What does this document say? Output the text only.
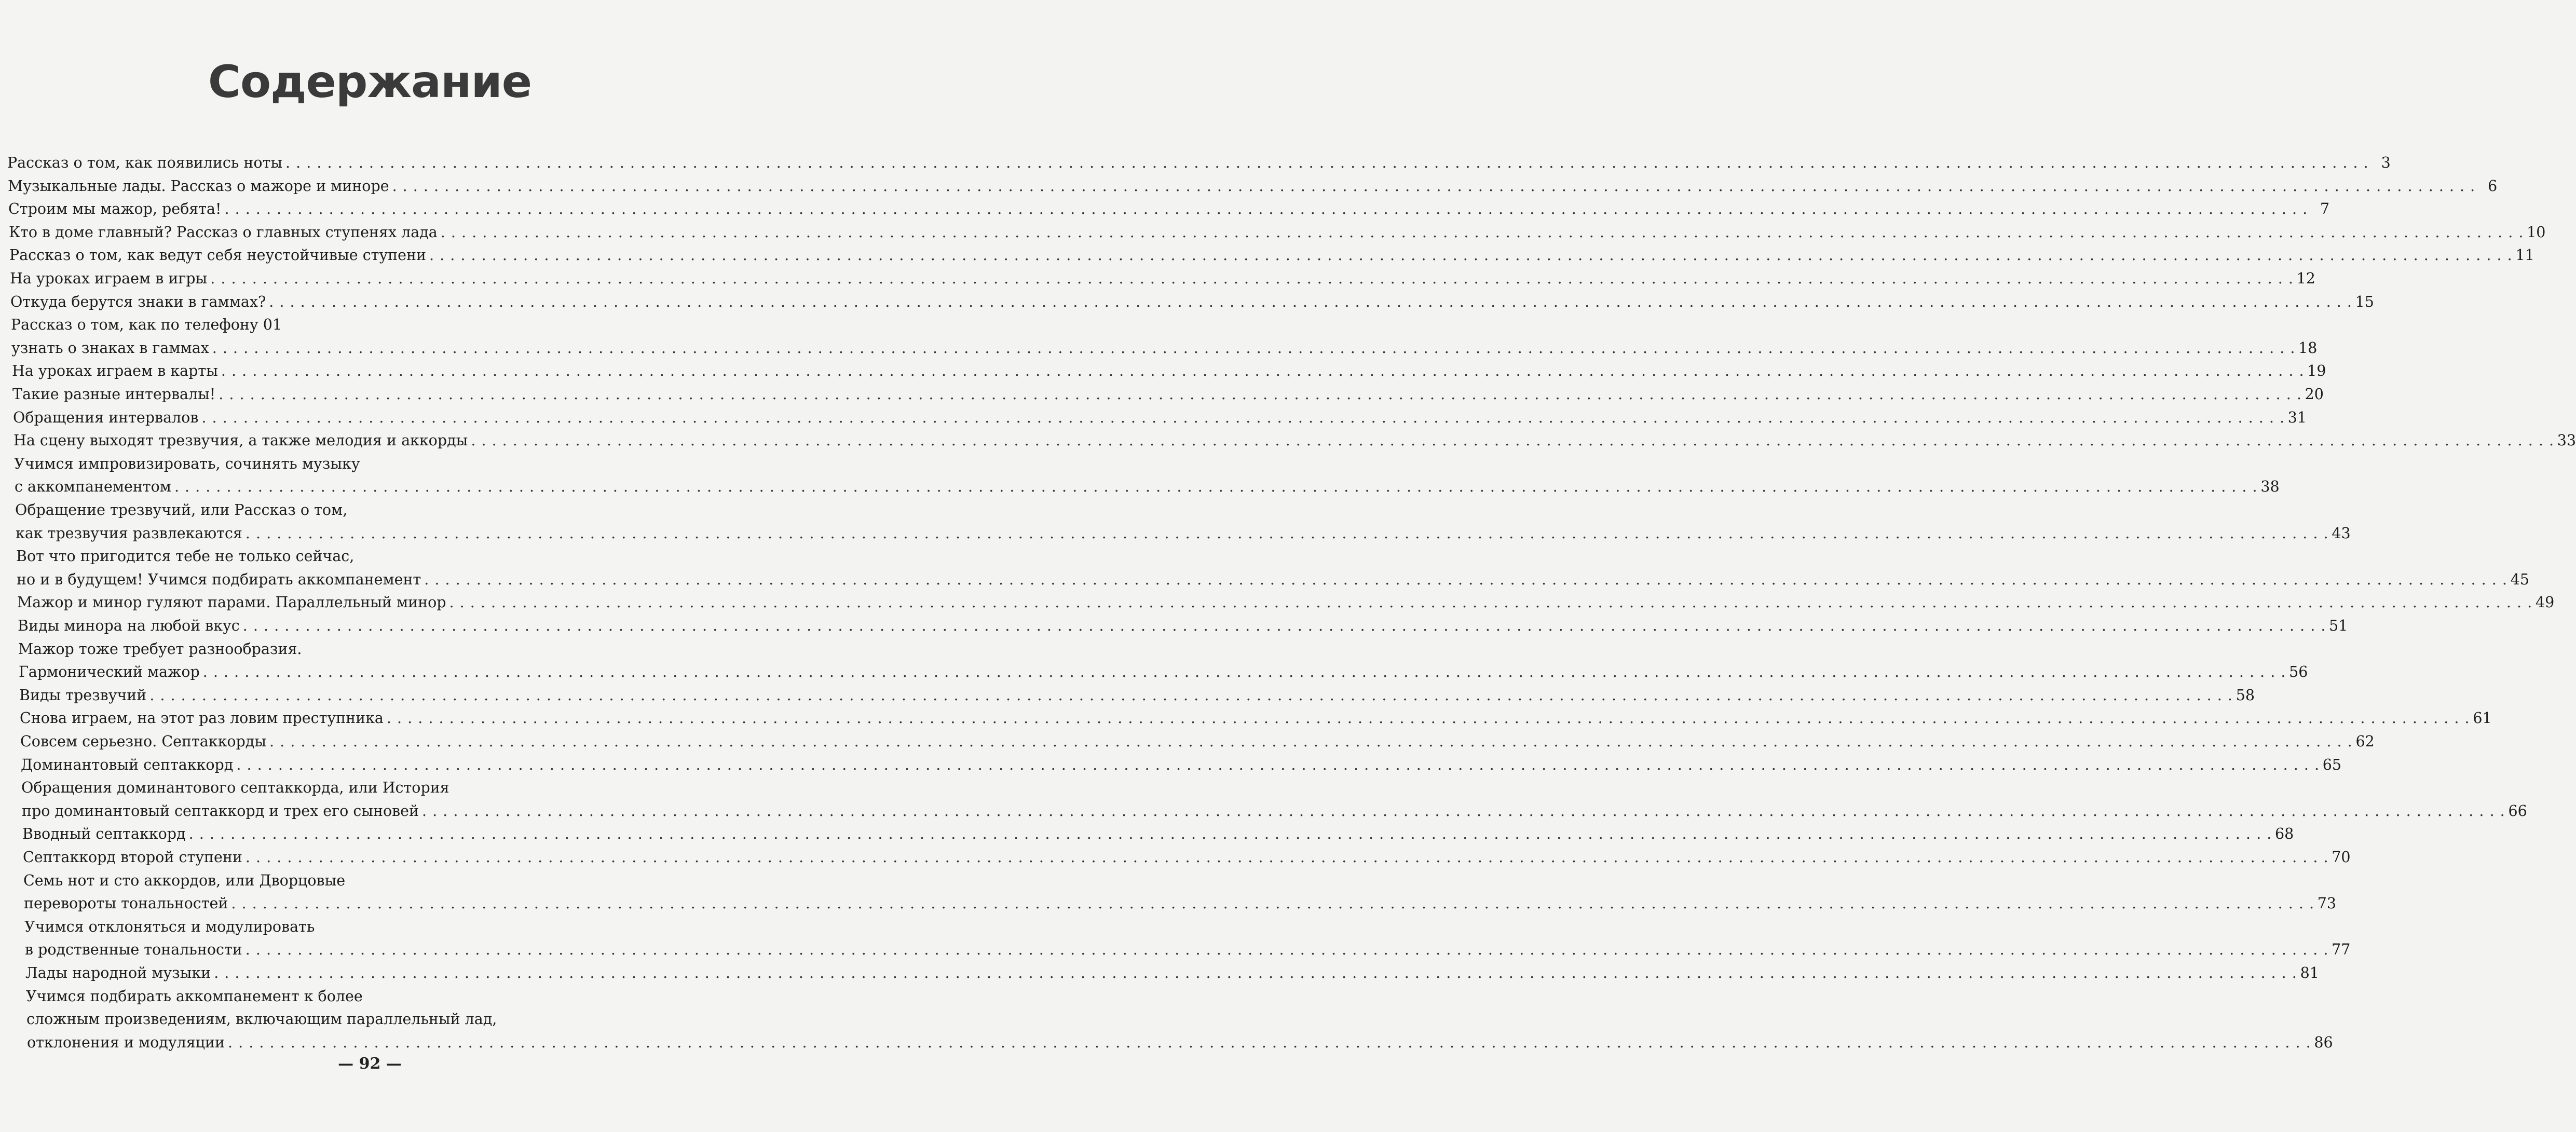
Содержание
Рассказ о том, как появились ноты . . . . . . . . . . . . . . . . . . . . . . . . . . . . . . . . . . . . . . . . . . . . . . . . . . . . . . . . . . . . . . . . . . . . . . . . . . . . . . . . . . . . . . . . . . . . . . . . . . . . . . . . . . . . . . . . . . . . . . . . . . . . . . . . . . . . . . . . . . . . . . . . . . . . . . . . . . . . . . . . . . . . . . . . . . . . . . . . . . . . . . . . . . . . . . . . . . . . . . . . 3
Музыкальные лады. Рассказ о мажоре и миноре . . . . . . . . . . . . . . . . . . . . . . . . . . . . . . . . . . . . . . . . . . . . . . . . . . . . . . . . . . . . . . . . . . . . . . . . . . . . . . . . . . . . . . . . . . . . . . . . . . . . . . . . . . . . . . . . . . . . . . . . . . . . . . . . . . . . . . . . . . . . . . . . . . . . . . . . . . . . . . . . . . . . . . . . . . . . . . . . . . . . . . . . . . . . . . . . . . . . . . . . 6
Строим мы мажор, ребята! . . . . . . . . . . . . . . . . . . . . . . . . . . . . . . . . . . . . . . . . . . . . . . . . . . . . . . . . . . . . . . . . . . . . . . . . . . . . . . . . . . . . . . . . . . . . . . . . . . . . . . . . . . . . . . . . . . . . . . . . . . . . . . . . . . . . . . . . . . . . . . . . . . . . . . . . . . . . . . . . . . . . . . . . . . . . . . . . . . . . . . . . . . . . . . . . . . . . . . . . 7
Кто в доме главный? Рассказ о главных ступенях лада . . . . . . . . . . . . . . . . . . . . . . . . . . . . . . . . . . . . . . . . . . . . . . . . . . . . . . . . . . . . . . . . . . . . . . . . . . . . . . . . . . . . . . . . . . . . . . . . . . . . . . . . . . . . . . . . . . . . . . . . . . . . . . . . . . . . . . . . . . . . . . . . . . . . . . . . . . . . . . . . . . . . . . . . . . . . . . . . . . . . . . . . . . . . . . . . . . . . . . . . 10
Рассказ о том, как ведут себя неустойчивые ступени . . . . . . . . . . . . . . . . . . . . . . . . . . . . . . . . . . . . . . . . . . . . . . . . . . . . . . . . . . . . . . . . . . . . . . . . . . . . . . . . . . . . . . . . . . . . . . . . . . . . . . . . . . . . . . . . . . . . . . . . . . . . . . . . . . . . . . . . . . . . . . . . . . . . . . . . . . . . . . . . . . . . . . . . . . . . . . . . . . . . . . . . . . . . . . . . . . . . . . . . 11
На уроках играем в игры . . . . . . . . . . . . . . . . . . . . . . . . . . . . . . . . . . . . . . . . . . . . . . . . . . . . . . . . . . . . . . . . . . . . . . . . . . . . . . . . . . . . . . . . . . . . . . . . . . . . . . . . . . . . . . . . . . . . . . . . . . . . . . . . . . . . . . . . . . . . . . . . . . . . . . . . . . . . . . . . . . . . . . . . . . . . . . . . . . . . . . . . . . . . . . . . . . . . . . . . 12
Откуда берутся знаки в гаммах? . . . . . . . . . . . . . . . . . . . . . . . . . . . . . . . . . . . . . . . . . . . . . . . . . . . . . . . . . . . . . . . . . . . . . . . . . . . . . . . . . . . . . . . . . . . . . . . . . . . . . . . . . . . . . . . . . . . . . . . . . . . . . . . . . . . . . . . . . . . . . . . . . . . . . . . . . . . . . . . . . . . . . . . . . . . . . . . . . . . . . . . . . . . . . . . . . . . . . . . . 15
Рассказ о том, как по телефону 01
узнать о знаках в гаммах . . . . . . . . . . . . . . . . . . . . . . . . . . . . . . . . . . . . . . . . . . . . . . . . . . . . . . . . . . . . . . . . . . . . . . . . . . . . . . . . . . . . . . . . . . . . . . . . . . . . . . . . . . . . . . . . . . . . . . . . . . . . . . . . . . . . . . . . . . . . . . . . . . . . . . . . . . . . . . . . . . . . . . . . . . . . . . . . . . . . . . . . . . . . . . . . . . . . . . . . 18
На уроках играем в карты . . . . . . . . . . . . . . . . . . . . . . . . . . . . . . . . . . . . . . . . . . . . . . . . . . . . . . . . . . . . . . . . . . . . . . . . . . . . . . . . . . . . . . . . . . . . . . . . . . . . . . . . . . . . . . . . . . . . . . . . . . . . . . . . . . . . . . . . . . . . . . . . . . . . . . . . . . . . . . . . . . . . . . . . . . . . . . . . . . . . . . . . . . . . . . . . . . . . . . . . 19
Такие разные интервалы! . . . . . . . . . . . . . . . . . . . . . . . . . . . . . . . . . . . . . . . . . . . . . . . . . . . . . . . . . . . . . . . . . . . . . . . . . . . . . . . . . . . . . . . . . . . . . . . . . . . . . . . . . . . . . . . . . . . . . . . . . . . . . . . . . . . . . . . . . . . . . . . . . . . . . . . . . . . . . . . . . . . . . . . . . . . . . . . . . . . . . . . . . . . . . . . . . . . . . . . . 20
Обращения интервалов . . . . . . . . . . . . . . . . . . . . . . . . . . . . . . . . . . . . . . . . . . . . . . . . . . . . . . . . . . . . . . . . . . . . . . . . . . . . . . . . . . . . . . . . . . . . . . . . . . . . . . . . . . . . . . . . . . . . . . . . . . . . . . . . . . . . . . . . . . . . . . . . . . . . . . . . . . . . . . . . . . . . . . . . . . . . . . . . . . . . . . . . . . . . . . . . . . . . . . . . 31
На сцену выходят трезвучия, а также мелодия и аккорды . . . . . . . . . . . . . . . . . . . . . . . . . . . . . . . . . . . . . . . . . . . . . . . . . . . . . . . . . . . . . . . . . . . . . . . . . . . . . . . . . . . . . . . . . . . . . . . . . . . . . . . . . . . . . . . . . . . . . . . . . . . . . . . . . . . . . . . . . . . . . . . . . . . . . . . . . . . . . . . . . . . . . . . . . . . . . . . . . . . . . . . . . . . . . . . . . . . . . . . . 33
Учимся импровизировать, сочинять музыку
с аккомпанементом . . . . . . . . . . . . . . . . . . . . . . . . . . . . . . . . . . . . . . . . . . . . . . . . . . . . . . . . . . . . . . . . . . . . . . . . . . . . . . . . . . . . . . . . . . . . . . . . . . . . . . . . . . . . . . . . . . . . . . . . . . . . . . . . . . . . . . . . . . . . . . . . . . . . . . . . . . . . . . . . . . . . . . . . . . . . . . . . . . . . . . . . . . . . . . . . . . . . . . . . 38
Обращение трезвучий, или Рассказ о том,
как трезвучия развлекаются . . . . . . . . . . . . . . . . . . . . . . . . . . . . . . . . . . . . . . . . . . . . . . . . . . . . . . . . . . . . . . . . . . . . . . . . . . . . . . . . . . . . . . . . . . . . . . . . . . . . . . . . . . . . . . . . . . . . . . . . . . . . . . . . . . . . . . . . . . . . . . . . . . . . . . . . . . . . . . . . . . . . . . . . . . . . . . . . . . . . . . . . . . . . . . . . . . . . . . . . 43
Вот что пригодится тебе не только сейчас,
но и в будущем! Учимся подбирать аккомпанемент . . . . . . . . . . . . . . . . . . . . . . . . . . . . . . . . . . . . . . . . . . . . . . . . . . . . . . . . . . . . . . . . . . . . . . . . . . . . . . . . . . . . . . . . . . . . . . . . . . . . . . . . . . . . . . . . . . . . . . . . . . . . . . . . . . . . . . . . . . . . . . . . . . . . . . . . . . . . . . . . . . . . . . . . . . . . . . . . . . . . . . . . . . . . . . . . . . . . . . . . 45
Мажор и минор гуляют парами. Параллельный минор . . . . . . . . . . . . . . . . . . . . . . . . . . . . . . . . . . . . . . . . . . . . . . . . . . . . . . . . . . . . . . . . . . . . . . . . . . . . . . . . . . . . . . . . . . . . . . . . . . . . . . . . . . . . . . . . . . . . . . . . . . . . . . . . . . . . . . . . . . . . . . . . . . . . . . . . . . . . . . . . . . . . . . . . . . . . . . . . . . . . . . . . . . . . . . . . . . . . . . . . 49
Виды минора на любой вкус . . . . . . . . . . . . . . . . . . . . . . . . . . . . . . . . . . . . . . . . . . . . . . . . . . . . . . . . . . . . . . . . . . . . . . . . . . . . . . . . . . . . . . . . . . . . . . . . . . . . . . . . . . . . . . . . . . . . . . . . . . . . . . . . . . . . . . . . . . . . . . . . . . . . . . . . . . . . . . . . . . . . . . . . . . . . . . . . . . . . . . . . . . . . . . . . . . . . . . . . 51
Мажор тоже требует разнообразия.
Гармонический мажор . . . . . . . . . . . . . . . . . . . . . . . . . . . . . . . . . . . . . . . . . . . . . . . . . . . . . . . . . . . . . . . . . . . . . . . . . . . . . . . . . . . . . . . . . . . . . . . . . . . . . . . . . . . . . . . . . . . . . . . . . . . . . . . . . . . . . . . . . . . . . . . . . . . . . . . . . . . . . . . . . . . . . . . . . . . . . . . . . . . . . . . . . . . . . . . . . . . . . . . . 56
Виды трезвучий . . . . . . . . . . . . . . . . . . . . . . . . . . . . . . . . . . . . . . . . . . . . . . . . . . . . . . . . . . . . . . . . . . . . . . . . . . . . . . . . . . . . . . . . . . . . . . . . . . . . . . . . . . . . . . . . . . . . . . . . . . . . . . . . . . . . . . . . . . . . . . . . . . . . . . . . . . . . . . . . . . . . . . . . . . . . . . . . . . . . . . . . . . . . . . . . . . . . . . . . 58
Снова играем, на этот раз ловим преступника . . . . . . . . . . . . . . . . . . . . . . . . . . . . . . . . . . . . . . . . . . . . . . . . . . . . . . . . . . . . . . . . . . . . . . . . . . . . . . . . . . . . . . . . . . . . . . . . . . . . . . . . . . . . . . . . . . . . . . . . . . . . . . . . . . . . . . . . . . . . . . . . . . . . . . . . . . . . . . . . . . . . . . . . . . . . . . . . . . . . . . . . . . . . . . . . . . . . . . . . 61
Совсем серьезно. Септаккорды . . . . . . . . . . . . . . . . . . . . . . . . . . . . . . . . . . . . . . . . . . . . . . . . . . . . . . . . . . . . . . . . . . . . . . . . . . . . . . . . . . . . . . . . . . . . . . . . . . . . . . . . . . . . . . . . . . . . . . . . . . . . . . . . . . . . . . . . . . . . . . . . . . . . . . . . . . . . . . . . . . . . . . . . . . . . . . . . . . . . . . . . . . . . . . . . . . . . . . . . 62
Доминантовый септаккорд . . . . . . . . . . . . . . . . . . . . . . . . . . . . . . . . . . . . . . . . . . . . . . . . . . . . . . . . . . . . . . . . . . . . . . . . . . . . . . . . . . . . . . . . . . . . . . . . . . . . . . . . . . . . . . . . . . . . . . . . . . . . . . . . . . . . . . . . . . . . . . . . . . . . . . . . . . . . . . . . . . . . . . . . . . . . . . . . . . . . . . . . . . . . . . . . . . . . . . . . 65
Обращения доминантового септаккорда, или История
про доминантовый септаккорд и трех его сыновей . . . . . . . . . . . . . . . . . . . . . . . . . . . . . . . . . . . . . . . . . . . . . . . . . . . . . . . . . . . . . . . . . . . . . . . . . . . . . . . . . . . . . . . . . . . . . . . . . . . . . . . . . . . . . . . . . . . . . . . . . . . . . . . . . . . . . . . . . . . . . . . . . . . . . . . . . . . . . . . . . . . . . . . . . . . . . . . . . . . . . . . . . . . . . . . . . . . . . . . . 66
Вводный септаккорд . . . . . . . . . . . . . . . . . . . . . . . . . . . . . . . . . . . . . . . . . . . . . . . . . . . . . . . . . . . . . . . . . . . . . . . . . . . . . . . . . . . . . . . . . . . . . . . . . . . . . . . . . . . . . . . . . . . . . . . . . . . . . . . . . . . . . . . . . . . . . . . . . . . . . . . . . . . . . . . . . . . . . . . . . . . . . . . . . . . . . . . . . . . . . . . . . . . . . . . . 68
Септаккорд второй ступени . . . . . . . . . . . . . . . . . . . . . . . . . . . . . . . . . . . . . . . . . . . . . . . . . . . . . . . . . . . . . . . . . . . . . . . . . . . . . . . . . . . . . . . . . . . . . . . . . . . . . . . . . . . . . . . . . . . . . . . . . . . . . . . . . . . . . . . . . . . . . . . . . . . . . . . . . . . . . . . . . . . . . . . . . . . . . . . . . . . . . . . . . . . . . . . . . . . . . . . . 70
Семь нот и сто аккордов, или Дворцовые
перевороты тональностей . . . . . . . . . . . . . . . . . . . . . . . . . . . . . . . . . . . . . . . . . . . . . . . . . . . . . . . . . . . . . . . . . . . . . . . . . . . . . . . . . . . . . . . . . . . . . . . . . . . . . . . . . . . . . . . . . . . . . . . . . . . . . . . . . . . . . . . . . . . . . . . . . . . . . . . . . . . . . . . . . . . . . . . . . . . . . . . . . . . . . . . . . . . . . . . . . . . . . . . . 73
Учимся отклоняться и модулировать
в родственные тональности . . . . . . . . . . . . . . . . . . . . . . . . . . . . . . . . . . . . . . . . . . . . . . . . . . . . . . . . . . . . . . . . . . . . . . . . . . . . . . . . . . . . . . . . . . . . . . . . . . . . . . . . . . . . . . . . . . . . . . . . . . . . . . . . . . . . . . . . . . . . . . . . . . . . . . . . . . . . . . . . . . . . . . . . . . . . . . . . . . . . . . . . . . . . . . . . . . . . . . . . 77
Лады народной музыки . . . . . . . . . . . . . . . . . . . . . . . . . . . . . . . . . . . . . . . . . . . . . . . . . . . . . . . . . . . . . . . . . . . . . . . . . . . . . . . . . . . . . . . . . . . . . . . . . . . . . . . . . . . . . . . . . . . . . . . . . . . . . . . . . . . . . . . . . . . . . . . . . . . . . . . . . . . . . . . . . . . . . . . . . . . . . . . . . . . . . . . . . . . . . . . . . . . . . . . . 81
Учимся подбирать аккомпанемент к более
сложным произведениям, включающим параллельный лад,
отклонения и модуляции . . . . . . . . . . . . . . . . . . . . . . . . . . . . . . . . . . . . . . . . . . . . . . . . . . . . . . . . . . . . . . . . . . . . . . . . . . . . . . . . . . . . . . . . . . . . . . . . . . . . . . . . . . . . . . . . . . . . . . . . . . . . . . . . . . . . . . . . . . . . . . . . . . . . . . . . . . . . . . . . . . . . . . . . . . . . . . . . . . . . . . . . . . . . . . . . . . . . . . . . 86
— 92 —
